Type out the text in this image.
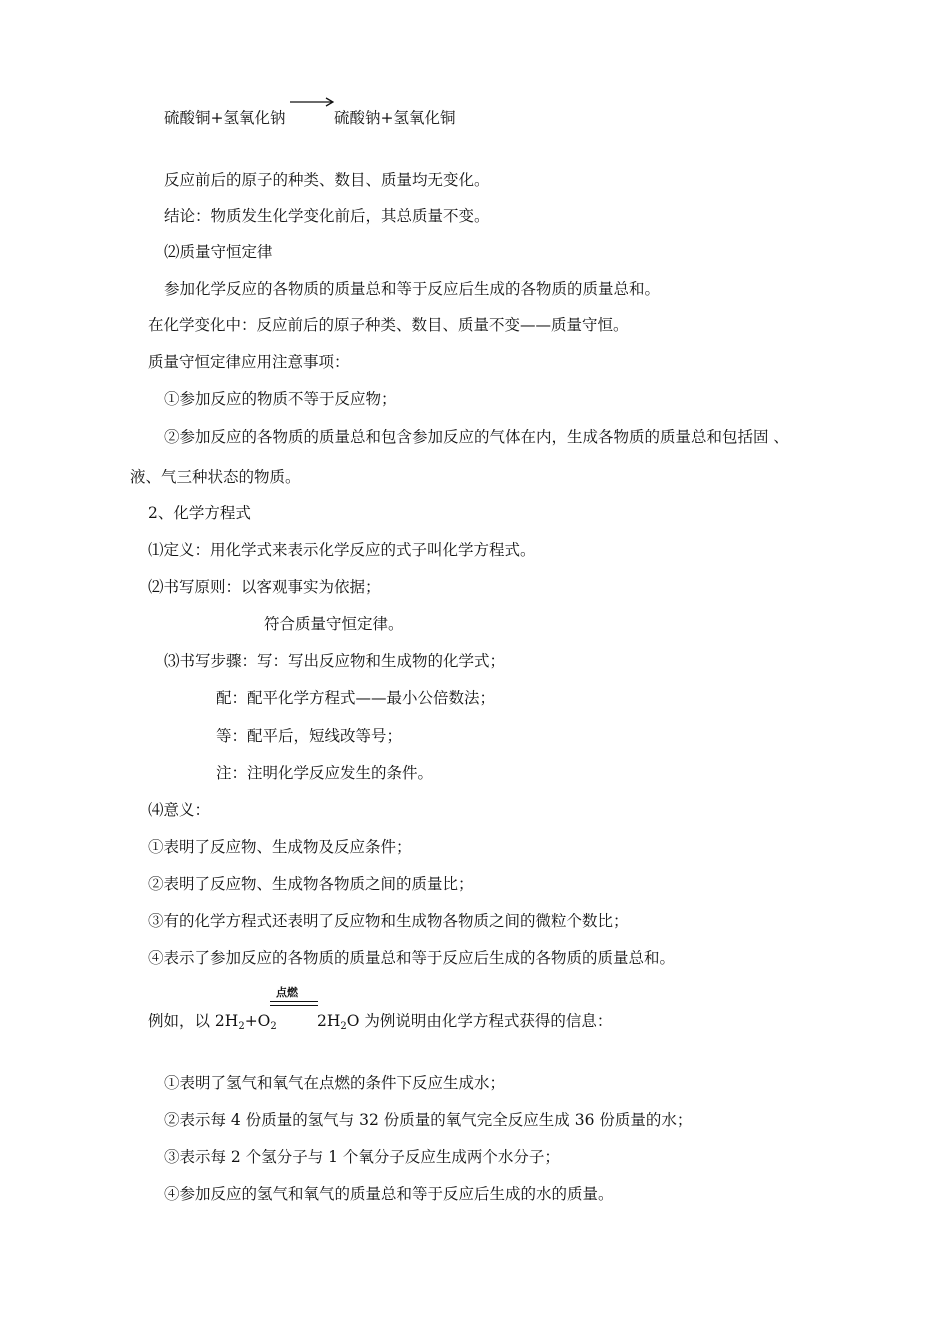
硫酸铜+氢氧化钠	硫酸钠+氢氧化铜
反应前后的原子的种类、数目、质量均无变化。
结论：物质发生化学变化前后，其总质量不变。
⑵质量守恒定律
参加化学反应的各物质的质量总和等于反应后生成的各物质的质量总和。
在化学变化中：反应前后的原子种类、数目、质量不变——质量守恒。
质量守恒定律应用注意事项：
①参加反应的物质不等于反应物；
②参加反应的各物质的质量总和包含参加反应的气体在内，生成各物质的质量总和包括固 、
液、气三种状态的物质。
2、化学方程式
⑴定义：用化学式来表示化学反应的式子叫化学方程式。
⑵书写原则：以客观事实为依据；
符合质量守恒定律。
⑶书写步骤：写：写出反应物和生成物的化学式；
配：配平化学方程式——最小公倍数法；
等：配平后，短线改等号；
注：注明化学反应发生的条件。
⑷意义：
①表明了反应物、生成物及反应条件；
②表明了反应物、生成物各物质之间的质量比；
③有的化学方程式还表明了反应物和生成物各物质之间的微粒个数比；
④表示了参加反应的各物质的质量总和等于反应后生成的各物质的质量总和。
点燃
例如，以 $2H_2+O_2$	$2H_2O$ 为例说明由化学方程式获得的信息：
①表明了氢气和氧气在点燃的条件下反应生成水；
②表示每 4 份质量的氢气与 32 份质量的氧气完全反应生成 36 份质量的水；
③表示每 2 个氢分子与 1 个氧分子反应生成两个水分子；
④参加反应的氢气和氧气的质量总和等于反应后生成的水的质量。
